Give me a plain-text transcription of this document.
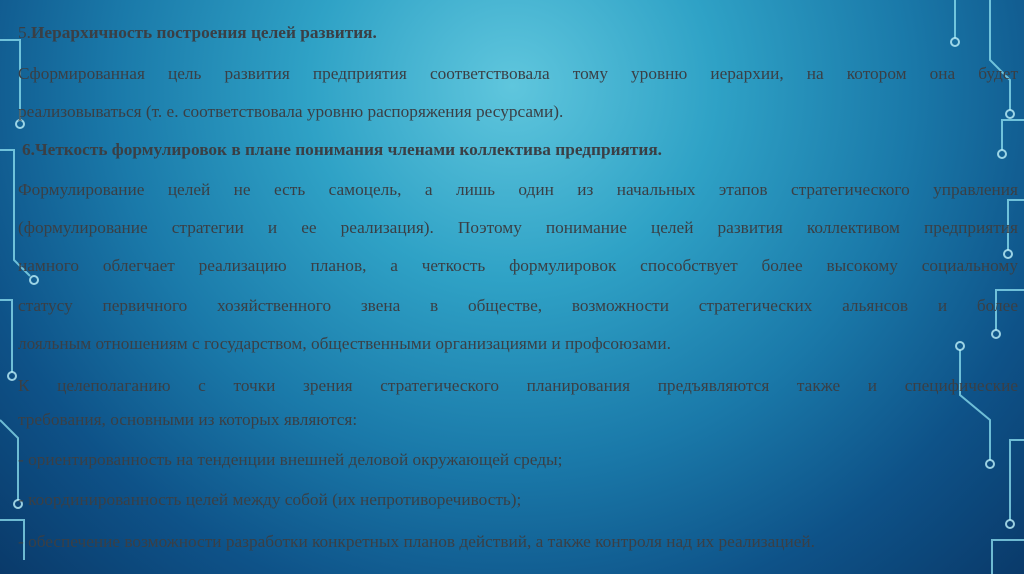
5.Иерархичность построения целей развития.
Сформированная цель развития предприятия соответствовала тому уровню иерархии, на котором она будет
реализовываться (т. е. соответствовала уровню распоряжения ресурсами).
6.Четкость формулировок в плане понимания членами коллектива предприятия.
Формулирование целей не есть самоцель, а лишь один из начальных этапов стратегического управления
(формулирование стратегии и ее реализация). Поэтому понимание целей развития коллективом предприятия
намного облегчает реализацию планов, а четкость формулировок способствует более высокому социальному
статусу первичного хозяйственного звена в обществе, возможности стратегических альянсов и более
лояльным отношениям с государством, общественными организациями и профсоюзами.
К целеполаганию с точки зрения стратегического планирования предъявляются также и специфические
требования, основными из которых являются:
- ориентированность на тенденции внешней деловой окружающей среды;
- координированность целей между собой (их непротиворечивость);
- обеспечение возможности разработки конкретных планов действий, а также контроля над их реализацией.
